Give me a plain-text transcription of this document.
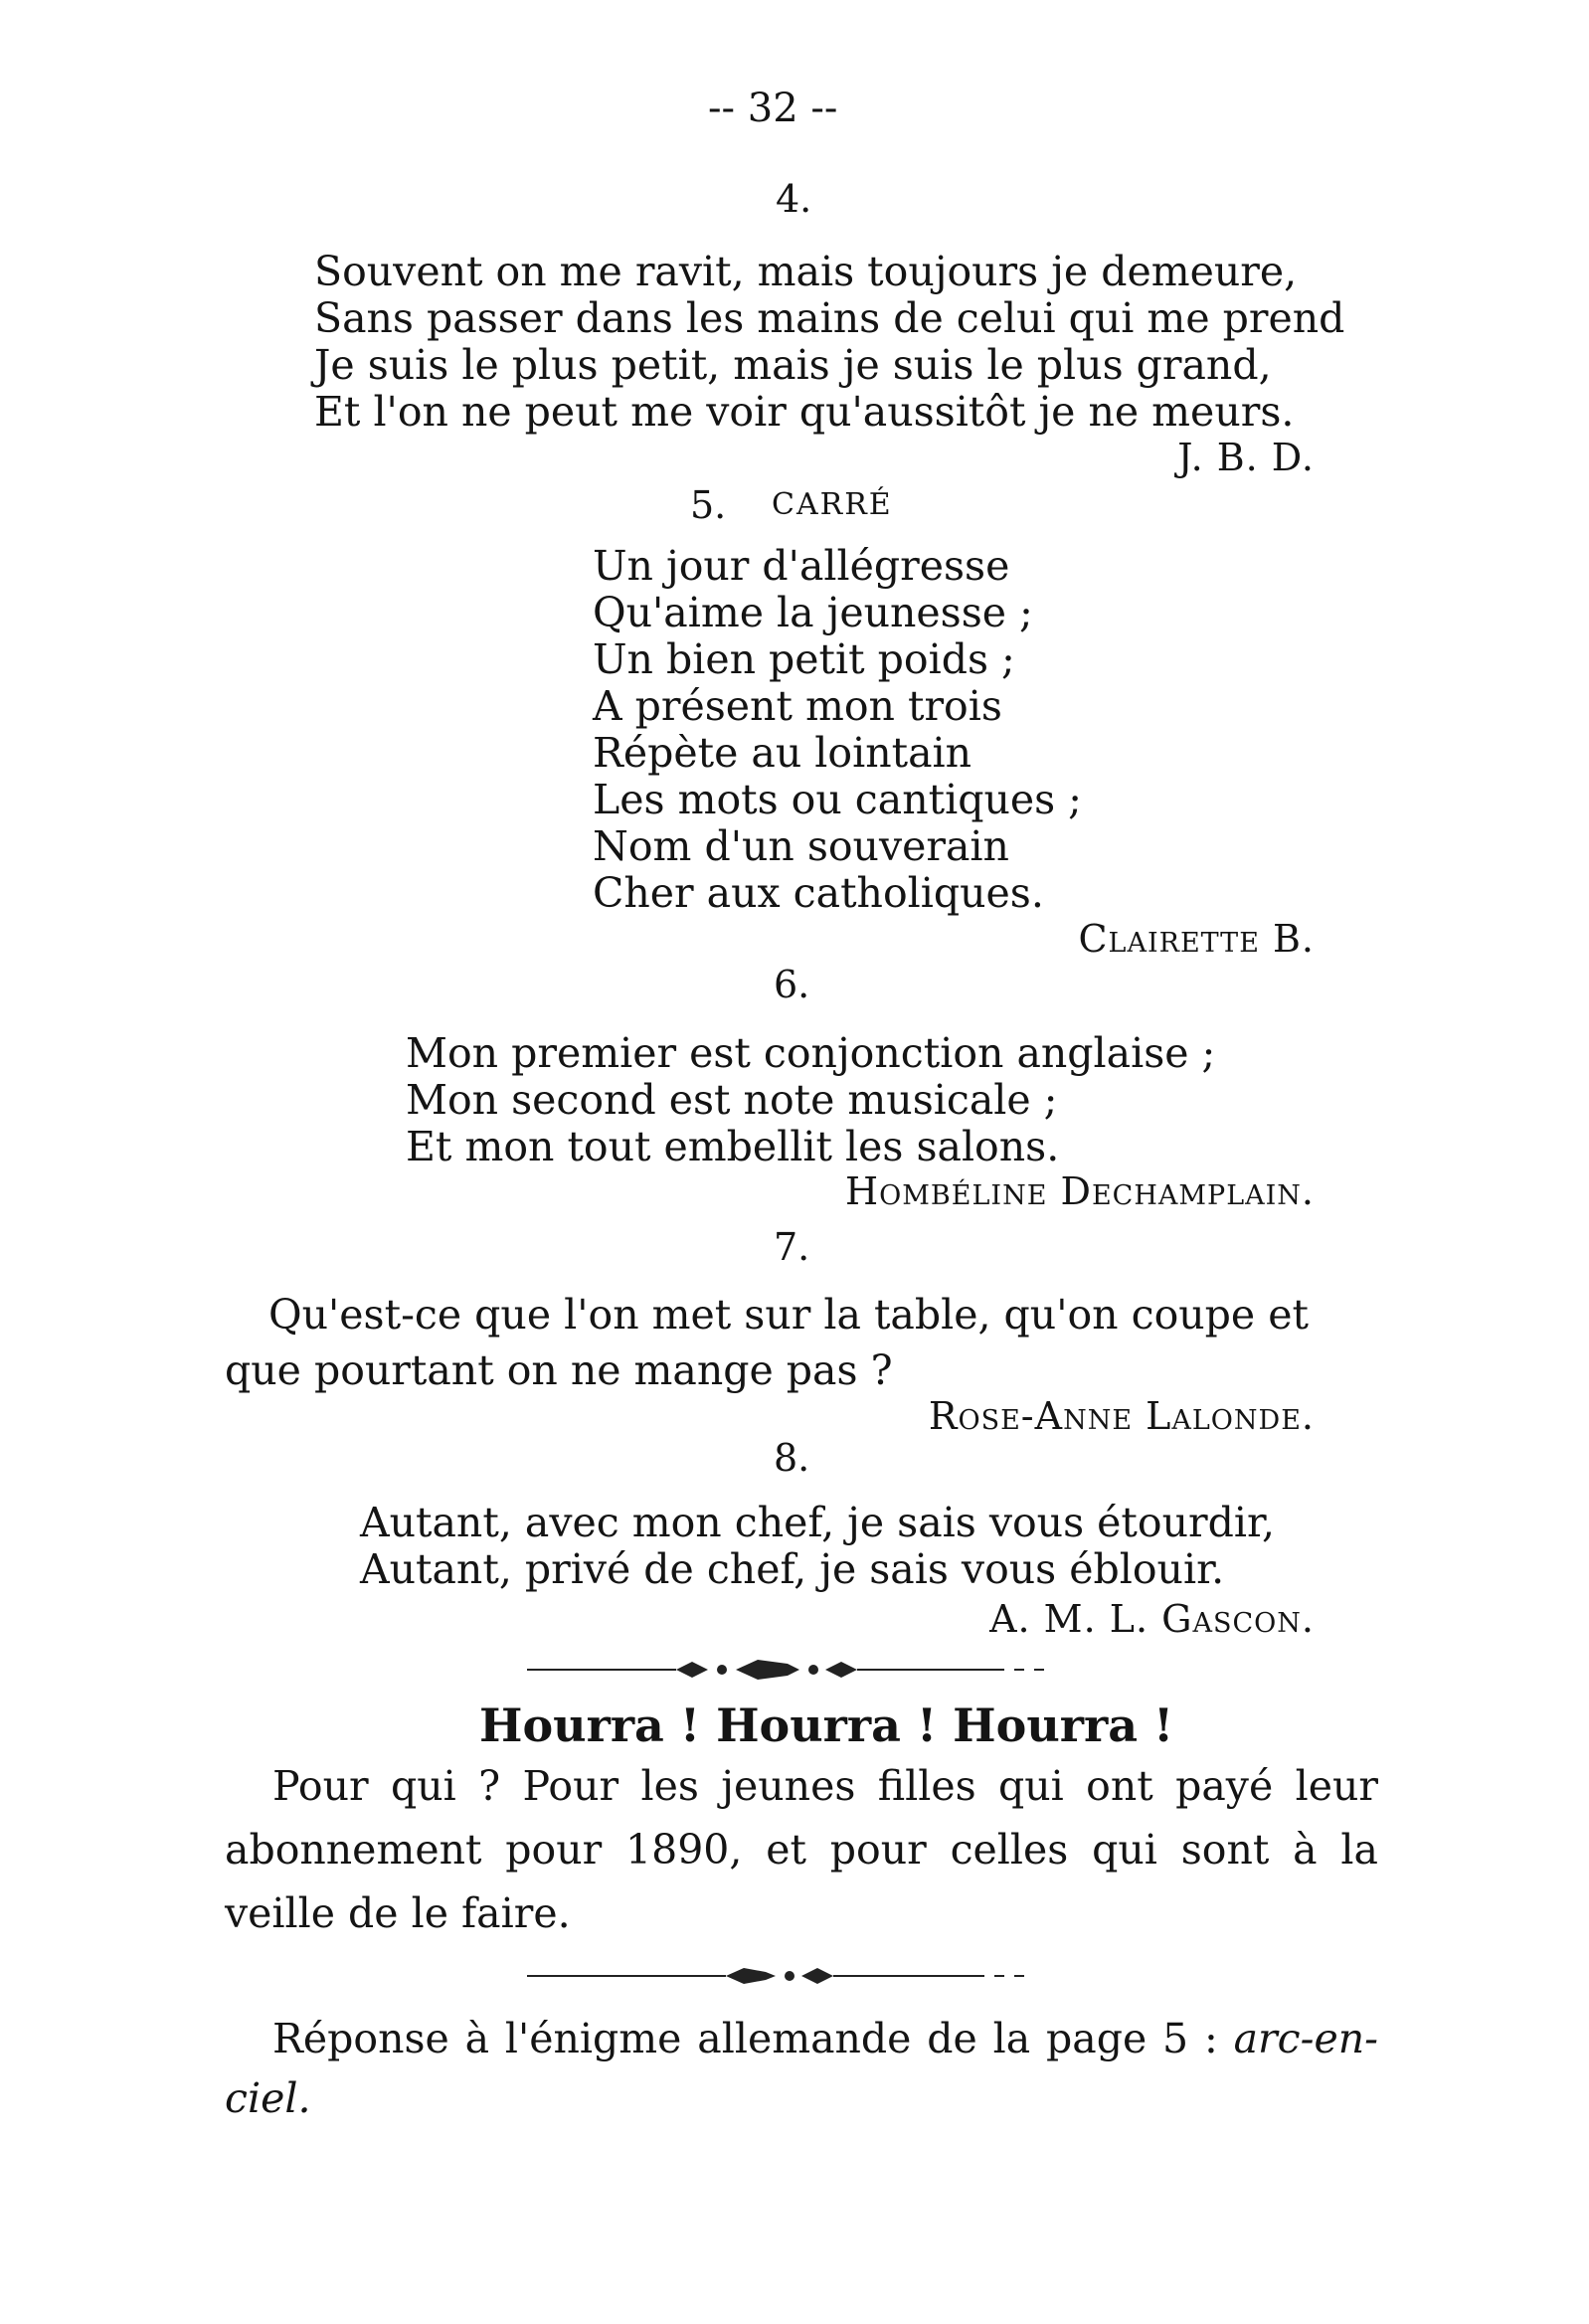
-- 32 --
4.
Souvent on me ravit, mais toujours je demeure,
Sans passer dans les mains de celui qui me prend
Je suis le plus petit, mais je suis le plus grand,
Et l'on ne peut me voir qu'aussitôt je ne meurs.
J. B. D.
5. CARRÉ
Un jour d'allégresse
Qu'aime la jeunesse ;
Un bien petit poids ;
A présent mon trois
Répète au lointain
Les mots ou cantiques ;
Nom d'un souverain
Cher aux catholiques.
Clairette B.
6.
Mon premier est conjonction anglaise ;
Mon second est note musicale ;
Et mon tout embellit les salons.
Hombéline Dechamplain.
7.
Qu'est-ce que l'on met sur la table, qu'on coupe et que pourtant on ne mange pas ?
Rose-Anne Lalonde.
8.
Autant, avec mon chef, je sais vous étourdir,
Autant, privé de chef, je sais vous éblouir.
A. M. L. Gascon.
Hourra ! Hourra ! Hourra !
Pour qui ? Pour les jeunes filles qui ont payé leur abonnement pour 1890, et pour celles qui sont à la veille de le faire.
Réponse à l'énigme allemande de la page 5 : arc-en-ciel.
